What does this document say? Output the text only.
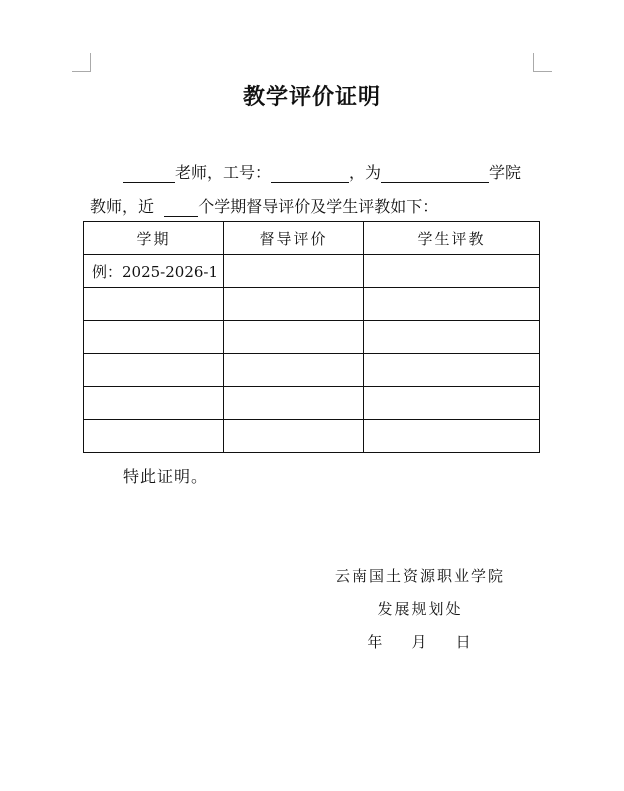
教学评价证明
老师，工号：	，为	学院
教师，近	个学期督导评价及学生评教如下：
学期	督导评价	学生评教
例：2025-2026-1		

特此证明。
云南国土资源职业学院
发展规划处
年    月    日
